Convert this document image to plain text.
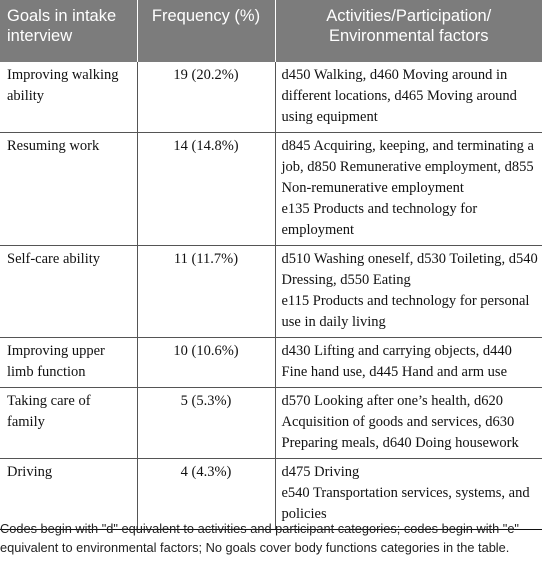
Goals in intake interview	Frequency (%)	Activities/Participation/ Environmental factors

Improving walking ability	19 (20.2%)	d450 Walking, d460 Moving around in different locations, d465 Moving around using equipment
Resuming work	14 (14.8%)	d845 Acquiring, keeping, and terminating a job, d850 Remunerative employment, d855 Non-remunerative employment
e135 Products and technology for employment
Self-care ability	11 (11.7%)	d510 Washing oneself, d530 Toileting, d540 Dressing, d550 Eating
e115 Products and technology for personal use in daily living
Improving upper limb function	10 (10.6%)	d430 Lifting and carrying objects, d440 Fine hand use, d445 Hand and arm use
Taking care of family	5 (5.3%)	d570 Looking after one’s health, d620 Acquisition of goods and services, d630 Preparing meals, d640 Doing housework
Driving	4 (4.3%)	d475 Driving
e540 Transportation services, systems, and policies
Codes begin with "d" equivalent to activities and participant categories; codes begin with "e" equivalent to environmental factors; No goals cover body functions categories in the table.
